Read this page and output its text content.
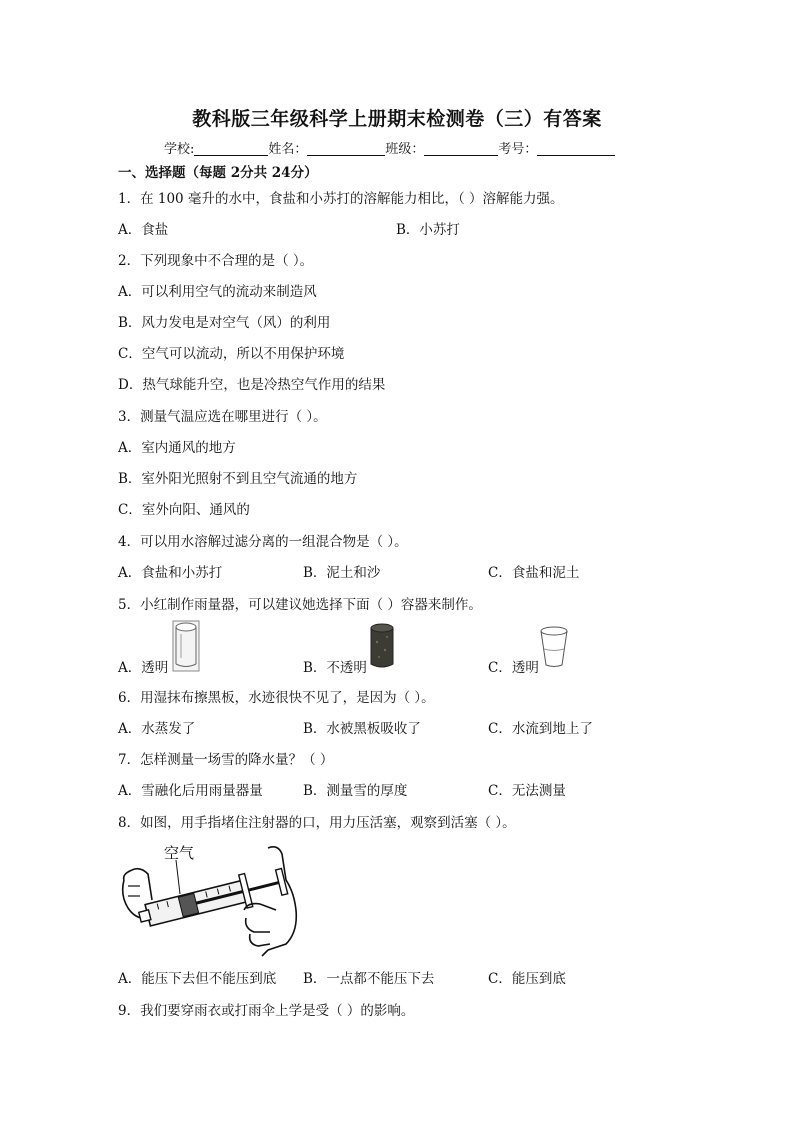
教科版三年级科学上册期末检测卷（三）有答案
学校:	姓名：	班级：	考号：
一、选择题（每题 2分共 24分）
1．在 100 毫升的水中，食盐和小苏打的溶解能力相比，（ ）溶解能力强。
A．食盐	B．小苏打
2．下列现象中不合理的是（ ）。
A．可以利用空气的流动来制造风
B．风力发电是对空气（风）的利用
C．空气可以流动，所以不用保护环境
D．热气球能升空，也是冷热空气作用的结果
3．测量气温应选在哪里进行（ ）。
A．室内通风的地方
B．室外阳光照射不到且空气流通的地方
C．室外向阳、通风的
4．可以用水溶解过滤分离的一组混合物是（ ）。
A．食盐和小苏打	B．泥土和沙	C．食盐和泥土
5．小红制作雨量器，可以建议她选择下面（ ）容器来制作。
A．透明	B．不透明	C．透明
6．用湿抹布擦黑板，水迹很快不见了，是因为（ ）。
A．水蒸发了	B．水被黑板吸收了	C．水流到地上了
7．怎样测量一场雪的降水量？（ ）
A．雪融化后用雨量器量	B．测量雪的厚度	C．无法测量
8．如图，用手指堵住注射器的口，用力压活塞，观察到活塞（ ）。
空气
A．能压下去但不能压到底 B．一点都不能压下去	C．能压到底
9．我们要穿雨衣或打雨伞上学是受（ ）的影响。
